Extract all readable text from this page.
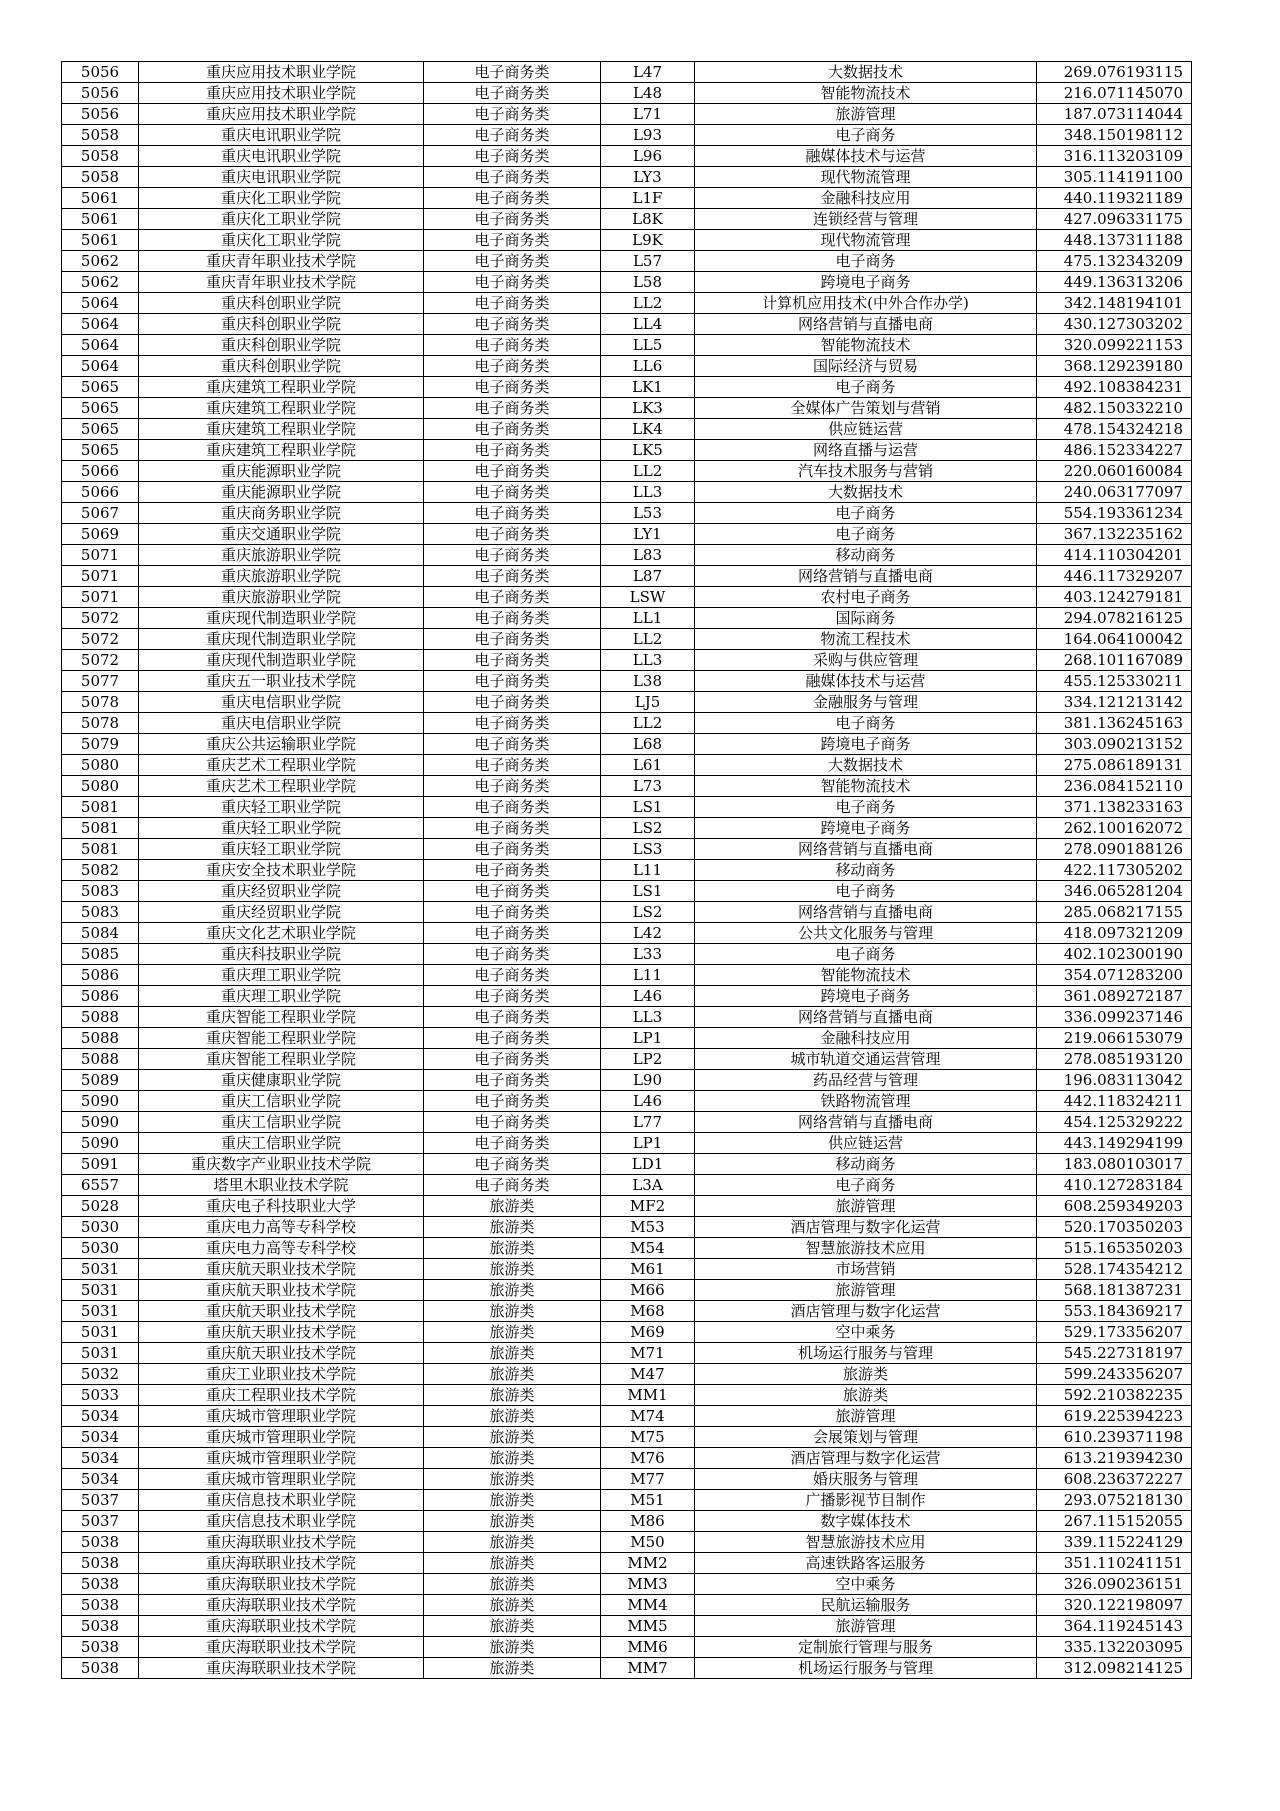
5056	重庆应用技术职业学院	电子商务类	L47	大数据技术	269.076193115
5056	重庆应用技术职业学院	电子商务类	L48	智能物流技术	216.071145070
5056	重庆应用技术职业学院	电子商务类	L71	旅游管理	187.073114044
5058	重庆电讯职业学院	电子商务类	L93	电子商务	348.150198112
5058	重庆电讯职业学院	电子商务类	L96	融媒体技术与运营	316.113203109
5058	重庆电讯职业学院	电子商务类	LY3	现代物流管理	305.114191100
5061	重庆化工职业学院	电子商务类	L1F	金融科技应用	440.119321189
5061	重庆化工职业学院	电子商务类	L8K	连锁经营与管理	427.096331175
5061	重庆化工职业学院	电子商务类	L9K	现代物流管理	448.137311188
5062	重庆青年职业技术学院	电子商务类	L57	电子商务	475.132343209
5062	重庆青年职业技术学院	电子商务类	L58	跨境电子商务	449.136313206
5064	重庆科创职业学院	电子商务类	LL2	计算机应用技术(中外合作办学)	342.148194101
5064	重庆科创职业学院	电子商务类	LL4	网络营销与直播电商	430.127303202
5064	重庆科创职业学院	电子商务类	LL5	智能物流技术	320.099221153
5064	重庆科创职业学院	电子商务类	LL6	国际经济与贸易	368.129239180
5065	重庆建筑工程职业学院	电子商务类	LK1	电子商务	492.108384231
5065	重庆建筑工程职业学院	电子商务类	LK3	全媒体广告策划与营销	482.150332210
5065	重庆建筑工程职业学院	电子商务类	LK4	供应链运营	478.154324218
5065	重庆建筑工程职业学院	电子商务类	LK5	网络直播与运营	486.152334227
5066	重庆能源职业学院	电子商务类	LL2	汽车技术服务与营销	220.060160084
5066	重庆能源职业学院	电子商务类	LL3	大数据技术	240.063177097
5067	重庆商务职业学院	电子商务类	L53	电子商务	554.193361234
5069	重庆交通职业学院	电子商务类	LY1	电子商务	367.132235162
5071	重庆旅游职业学院	电子商务类	L83	移动商务	414.110304201
5071	重庆旅游职业学院	电子商务类	L87	网络营销与直播电商	446.117329207
5071	重庆旅游职业学院	电子商务类	LSW	农村电子商务	403.124279181
5072	重庆现代制造职业学院	电子商务类	LL1	国际商务	294.078216125
5072	重庆现代制造职业学院	电子商务类	LL2	物流工程技术	164.064100042
5072	重庆现代制造职业学院	电子商务类	LL3	采购与供应管理	268.101167089
5077	重庆五一职业技术学院	电子商务类	L38	融媒体技术与运营	455.125330211
5078	重庆电信职业学院	电子商务类	LJ5	金融服务与管理	334.121213142
5078	重庆电信职业学院	电子商务类	LL2	电子商务	381.136245163
5079	重庆公共运输职业学院	电子商务类	L68	跨境电子商务	303.090213152
5080	重庆艺术工程职业学院	电子商务类	L61	大数据技术	275.086189131
5080	重庆艺术工程职业学院	电子商务类	L73	智能物流技术	236.084152110
5081	重庆轻工职业学院	电子商务类	LS1	电子商务	371.138233163
5081	重庆轻工职业学院	电子商务类	LS2	跨境电子商务	262.100162072
5081	重庆轻工职业学院	电子商务类	LS3	网络营销与直播电商	278.090188126
5082	重庆安全技术职业学院	电子商务类	L11	移动商务	422.117305202
5083	重庆经贸职业学院	电子商务类	LS1	电子商务	346.065281204
5083	重庆经贸职业学院	电子商务类	LS2	网络营销与直播电商	285.068217155
5084	重庆文化艺术职业学院	电子商务类	L42	公共文化服务与管理	418.097321209
5085	重庆科技职业学院	电子商务类	L33	电子商务	402.102300190
5086	重庆理工职业学院	电子商务类	L11	智能物流技术	354.071283200
5086	重庆理工职业学院	电子商务类	L46	跨境电子商务	361.089272187
5088	重庆智能工程职业学院	电子商务类	LL3	网络营销与直播电商	336.099237146
5088	重庆智能工程职业学院	电子商务类	LP1	金融科技应用	219.066153079
5088	重庆智能工程职业学院	电子商务类	LP2	城市轨道交通运营管理	278.085193120
5089	重庆健康职业学院	电子商务类	L90	药品经营与管理	196.083113042
5090	重庆工信职业学院	电子商务类	L46	铁路物流管理	442.118324211
5090	重庆工信职业学院	电子商务类	L77	网络营销与直播电商	454.125329222
5090	重庆工信职业学院	电子商务类	LP1	供应链运营	443.149294199
5091	重庆数字产业职业技术学院	电子商务类	LD1	移动商务	183.080103017
6557	塔里木职业技术学院	电子商务类	L3A	电子商务	410.127283184
5028	重庆电子科技职业大学	旅游类	MF2	旅游管理	608.259349203
5030	重庆电力高等专科学校	旅游类	M53	酒店管理与数字化运营	520.170350203
5030	重庆电力高等专科学校	旅游类	M54	智慧旅游技术应用	515.165350203
5031	重庆航天职业技术学院	旅游类	M61	市场营销	528.174354212
5031	重庆航天职业技术学院	旅游类	M66	旅游管理	568.181387231
5031	重庆航天职业技术学院	旅游类	M68	酒店管理与数字化运营	553.184369217
5031	重庆航天职业技术学院	旅游类	M69	空中乘务	529.173356207
5031	重庆航天职业技术学院	旅游类	M71	机场运行服务与管理	545.227318197
5032	重庆工业职业技术学院	旅游类	M47	旅游类	599.243356207
5033	重庆工程职业技术学院	旅游类	MM1	旅游类	592.210382235
5034	重庆城市管理职业学院	旅游类	M74	旅游管理	619.225394223
5034	重庆城市管理职业学院	旅游类	M75	会展策划与管理	610.239371198
5034	重庆城市管理职业学院	旅游类	M76	酒店管理与数字化运营	613.219394230
5034	重庆城市管理职业学院	旅游类	M77	婚庆服务与管理	608.236372227
5037	重庆信息技术职业学院	旅游类	M51	广播影视节目制作	293.075218130
5037	重庆信息技术职业学院	旅游类	M86	数字媒体技术	267.115152055
5038	重庆海联职业技术学院	旅游类	M50	智慧旅游技术应用	339.115224129
5038	重庆海联职业技术学院	旅游类	MM2	高速铁路客运服务	351.110241151
5038	重庆海联职业技术学院	旅游类	MM3	空中乘务	326.090236151
5038	重庆海联职业技术学院	旅游类	MM4	民航运输服务	320.122198097
5038	重庆海联职业技术学院	旅游类	MM5	旅游管理	364.119245143
5038	重庆海联职业技术学院	旅游类	MM6	定制旅行管理与服务	335.132203095
5038	重庆海联职业技术学院	旅游类	MM7	机场运行服务与管理	312.098214125
